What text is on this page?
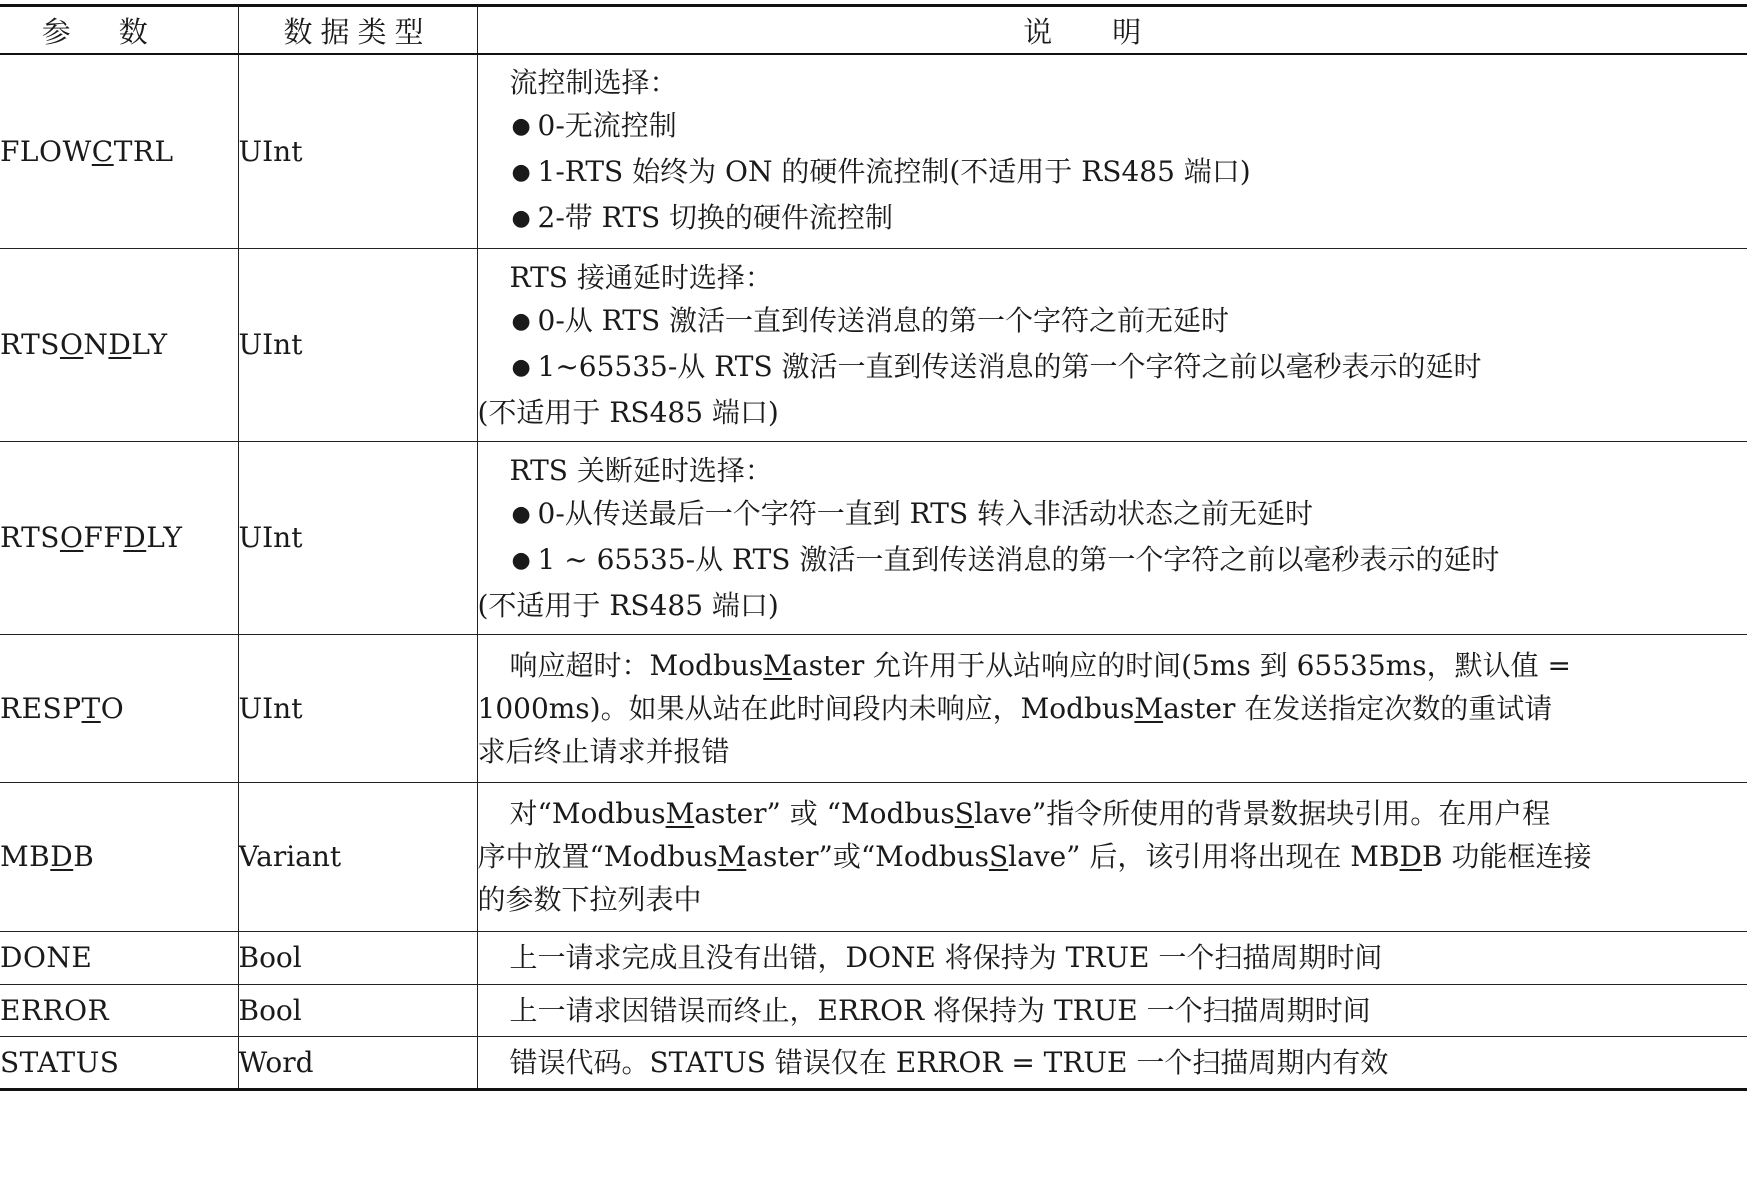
参数	数据类型	说明
FLOWCTRL	UInt	流控制选择：
● 0-无流控制
● 1-RTS 始终为 ON 的硬件流控制(不适用于 RS485 端口)
● 2-带 RTS 切换的硬件流控制

RTSONDLY	UInt	RTS 接通延时选择：
● 0-从 RTS 激活一直到传送消息的第一个字符之前无延时
● 1~65535-从 RTS 激活一直到传送消息的第一个字符之前以毫秒表示的延时
(不适用于 RS485 端口)

RTSOFFDLY	UInt	RTS 关断延时选择：
● 0-从传送最后一个字符一直到 RTS 转入非活动状态之前无延时
● 1 ~ 65535-从 RTS 激活一直到传送消息的第一个字符之前以毫秒表示的延时
(不适用于 RS485 端口)

RESPTO	UInt	响应超时：ModbusMaster 允许用于从站响应的时间(5ms 到 65535ms，默认值 =
1000ms)。如果从站在此时间段内未响应，ModbusMaster 在发送指定次数的重试请
求后终止请求并报错

MBDB	Variant	对“ModbusMaster” 或 “ModbusSlave”指令所使用的背景数据块引用。在用户程
序中放置“ModbusMaster”或“ModbusSlave” 后，该引用将出现在 MBDB 功能框连接
的参数下拉列表中

DONE	Bool	上一请求完成且没有出错，DONE 将保持为 TRUE 一个扫描周期时间

ERROR	Bool	上一请求因错误而终止，ERROR 将保持为 TRUE 一个扫描周期时间

STATUS	Word	错误代码。STATUS 错误仅在 ERROR = TRUE 一个扫描周期内有效
